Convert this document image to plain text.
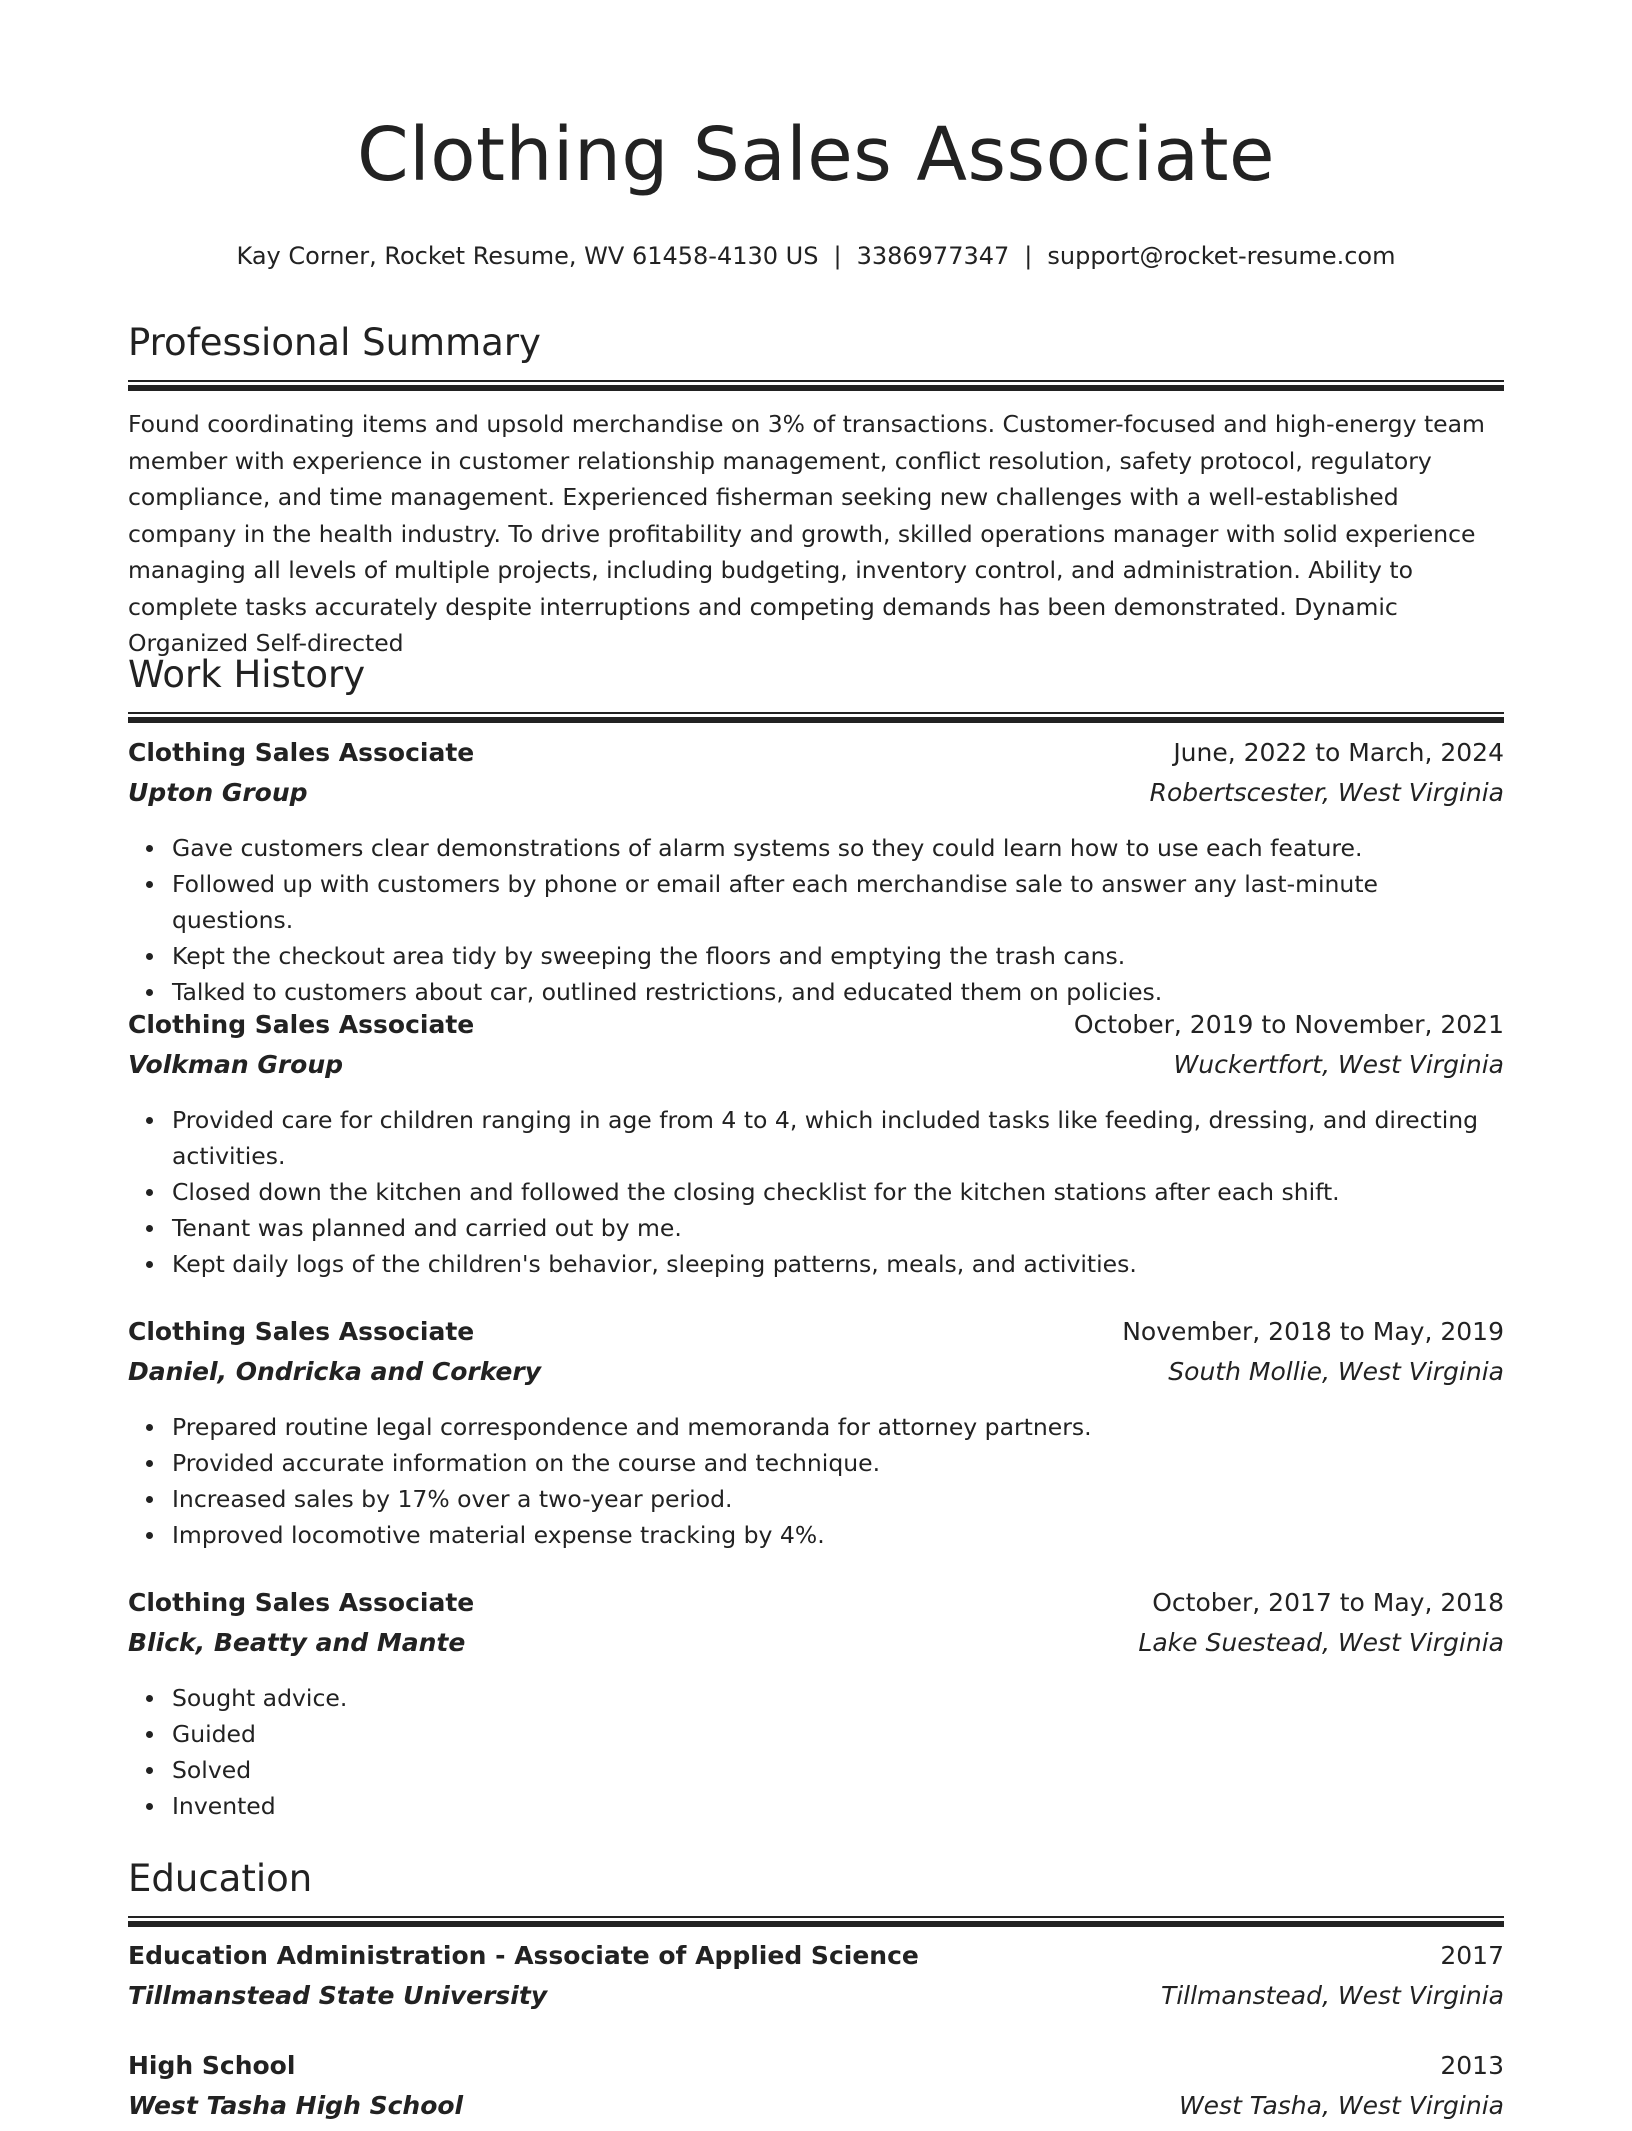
Clothing Sales Associate
Kay Corner, Rocket Resume, WV 61458-4130 US | 3386977347 | support@rocket-resume.com
Professional Summary

Found coordinating items and upsold merchandise on 3% of transactions. Customer-focused and high-energy team member with experience in customer relationship management, conflict resolution, safety protocol, regulatory compliance, and time management. Experienced fisherman seeking new challenges with a well-established company in the health industry. To drive profitability and growth, skilled operations manager with solid experience managing all levels of multiple projects, including budgeting, inventory control, and administration. Ability to complete tasks accurately despite interruptions and competing demands has been demonstrated. Dynamic Organized Self-directed

Work History
Clothing Sales Associate	June, 2022 to March, 2024
Upton Group	Robertscester, West Virginia
Gave customers clear demonstrations of alarm systems so they could learn how to use each feature.
Followed up with customers by phone or email after each merchandise sale to answer any last-minute questions.
Kept the checkout area tidy by sweeping the floors and emptying the trash cans.
Talked to customers about car, outlined restrictions, and educated them on policies.
Clothing Sales Associate	October, 2019 to November, 2021
Volkman Group	Wuckertfort, West Virginia
Provided care for children ranging in age from 4 to 4, which included tasks like feeding, dressing, and directing activities.
Closed down the kitchen and followed the closing checklist for the kitchen stations after each shift.
Tenant was planned and carried out by me.
Kept daily logs of the children's behavior, sleeping patterns, meals, and activities.
Clothing Sales Associate	November, 2018 to May, 2019
Daniel, Ondricka and Corkery	South Mollie, West Virginia
Prepared routine legal correspondence and memoranda for attorney partners.
Provided accurate information on the course and technique.
Increased sales by 17% over a two-year period.
Improved locomotive material expense tracking by 4%.
Clothing Sales Associate	October, 2017 to May, 2018
Blick, Beatty and Mante	Lake Suestead, West Virginia
Sought advice.
Guided
Solved
Invented
Education
Education Administration - Associate of Applied Science	2017
Tillmanstead State University	Tillmanstead, West Virginia
High School	2013
West Tasha High School	West Tasha, West Virginia
